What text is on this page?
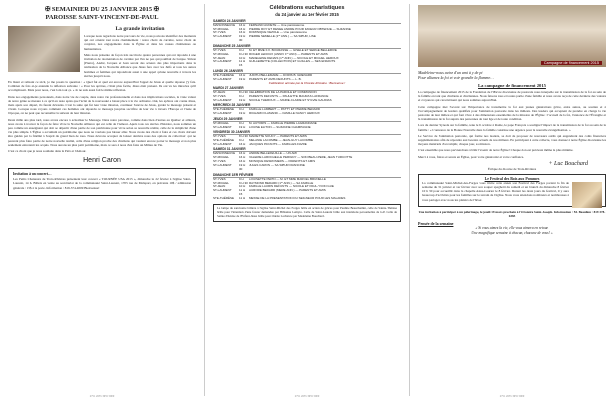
✠ SEMAINIER DU 25 JANVIER 2015 ✠
PAROISSE SAINT-VINCENT-DE-PAUL
La grande invitation

Lorsque nous regardons notre parcours de vie, nous pouvons identifier des moments qui ont orienté tout notre cheminement : notre choix de carrière, notre choix de conjoint, nos engagements dans la Église et dans les causes chrétiennes ou humanitaires.

Mais nous présente de façon très succincte quatre personnes qui ont répondu à une invitation de réorientation de carrière par l'un ne pas qui pouillait de barque. Simon (Pierre), André, Jacques et Jean seront des acteurs des plus importants dans la réalisation de la Nouvelle Alliance que Jésus fera avec les Juifs et tous les autres hommes et femmes qui répondront aussi à une appel qu'une nouvelle à travers les siècles jusqu'à nous.

En lisant et relisant ce récit, je me posais la question : « Quel fut et quel est encore aujourd'hui l'appel de Jésus et quelle réponse j'y fais. Combien de fois ai-je entendu la réflexion suivante : « Pour les apôtres, c'était plus facile, Jésus était présent. Ils ont vu les miracles qu'il accomplissait. Mais pour nous, c'est loin tout ça. » Je ne suis aussi fait le même réflexion.

Dans nos engagements personnels, dans notre vie de couple, dans notre vie professionnelle et dans nos implications sociales, la vraie valeur de notre génie se mesure à ce qu'il en reste après que l'éclat de la nouveauté a laissé place à la vie ordinaire. Oui, les apôtres ont connu Jésus, mais après son départ, ils furent dévastés. C'est la suite qui fut leur vraie mission, continuer l'œuvre de Jésus, garder le message présent et vivant. Lorsque nous voyons comment ces hommes ont répondu ce message jusqu'au sacrifice de leur vie à travers l'Europe et l'Asie de l'époque, on ne peut que reconnaître la sérieux de leur mission.

Deux mille ans plus tard, nous avons encore à actualiser le Message. Dans notre paroisse, comme dans bien d'autres au Québec et ailleurs, nous avons à trouver la façon de faire vivre la Nouvelle Alliance qui est celle de l'Amour. Après tous ces siècles d'histoire, nous sommes un peu comme un enseignant qui doit se départir d'une partie de son patrimoine pour vivre selon sa nouvelle réalité, celle de la simplicité d'une vie plus simple. L'Église a accumulé un patrimoine que nous ne voulons pas laisser aller. Nous avons des choix à faire et ces choix doivent être guidés par la fidélité à l'esprit du grand bien de tous. Nous devrons accepter de laisser derrière nous des options de collection· qui ne peuvent plus faire partie de notre nouvelle réalité, celle d'une religion proche des chrétiens qui veulent encore porter le message et non plus seulement entretenir les acquis. Nous aurons un plus petit patrimoine, mais ce sera à nous d'en faire un Milieu de Vie.

C'est ce choix que je nous souhaite dans la Paix et l'Amour.

Henri Caron
Invitation à un concert…
Les Petits Chanteurs de Trois-Rivières présentent leur concert « TOURNÉE USA 2015 », dimanche le 22 février à l'église Saint-Laurent, 14 h. Billets en vente au secrétariat de la communauté Saint-Laurent, 1705 rue de Malapart, en prévente 10$ / admission générale : 15$ à la porte. Information : 819-374-4009 Bienvenue!
2751 2655 3655 5000
Célébrations eucharistiques
du 24 janvier au 1er février 2015
SAMEDI 24 JANVIER
MAISONNEUVE	16 H	FERNAND AUDÈTE — Une paroissienne
ST-MICHEL	16 H	PIERRE ROY ET RENÉE ANDRÉ POUR FAVEUR OBTENUE — SUZANNE
ST-YVES	16 H	DOMINIQUE VEZOLE — Une paroissienne
ST-LAURENT	19 H 30
PIERRE SEMELLE (1ʳᵉ ANN.) — SA SŒUR, LISE
DIMANCHE 25 JANVIER
ST-YVES	9 H	M. ET MME F.X. BOURASSE — GISÈLE ET SERGE BELLERIVE
ST-MICHEL	9 H 30 ROGER LEDOUX (ANNIV 1ʳᵉ ANN) — PARENTS ET AMIS
ST-JEAN	10 H	MADELEINE DENAIS (1ʳᵉ ANN.) — NICOLE ET MICHEL HÉROUX
ST-LAURENT	11 H 15
GUILLEMETTE (COLLECTION) ET GUILLES — SES ENFANTS
LUNDI 26 JANVIER
STE-THÉRÈSE	16 H	JUDITH BELLEMARE — DORIS B. GRENARD
ST-LAURENT	19 H	PARENTS ET AMIS DÉFUNTS — L. B.
Célébration animée par la Chorale Africaine : Bienvenue !
MARDI 27 JANVIER
ST-JEAN	8 H 30 CÉLÉBRATION DE LA PAROLE ET COMMUNION
ST-YVES	9 H	PARENTS DÉFUNTS — PAULETTE MAURAS LAFRANCE
ST-LAURENT	19 H	NICOLE THÉROUX — MARIE-CLAIRE ET SYLVIE GAUDIAS
MERCREDI 28 JANVIER
STE-THÉRÈSE	9 H	FAMILLE LAMBERT — PATTY ET PIERRE BÉDARD
ST-LAURENT	19 H	RICHARD FLAMAND — FAMILLE NANCY HÉROUX
JEUDI 29 JANVIER
ST-MICHEL	9 H	M. AUTORIS — FAMILLE PIERRE LAGRANDANE
ST-LAURENT	19 H	LOUISE ELITON — SUZANNE CHAMPAGNE
VENDREDI 30 JANVIER
ST-YVES	8 H 30 MARIETTE SOUCY — PARENTS ET AMIS
STE-THÉRÈSE	9 H	MÉLANIE LACOMBE — JEAN-GUY LACOMBE
ST-LAURENT	16 H	JACQUES PAYANTS — FAMILLES FAVRE
SAMEDI 31 JANVIER
MAISONNEUVE	16 H	ANDRÉ BELLEFEUILLE — UN AMI
ST-MICHEL	16 H	VALÉRIE LAROCHELLE PÉRIGNY — SON BEAU-PÈRE, JEAN TURCOTTE
ST-YVES	16 H	MONIQUE DESROSIERS — PARENTS ET AMIS
ST-LAURENT	19 H 30
JULES CARON — SA SŒUR FRANCINE
DIMANCHE 1ER FÉVRIER
ST-YVES	9 H	LOUISETTE PÉPIN — M. ET MME MARCEL BRUNELLE
ST-MICHEL	9 H 30 RAYMOND BEDARD (1ʳᵉ ANN.) — SA FAMILLE
ST-JEAN	10 H	FAMILLE LAURIN DÉFUNTS — NICOLE ET PAUL-YVON GUÉ
ST-LAURENT	11 H 15
AURORE BÉDARD (MÈRE ANN.) — PARENTS ET AMIS
STE-THÉRÈSE	11 H	MESSE DE LA PRÉSENTATION DU SEIGNEUR POUR LES MALADES
La lampe du sanctuaire brûlera à l'église Saint-Michel des Forges brûle en action de grâces pour Pauline Beauchemin, celle de Sainte-Thérèse brûle pour l'intention d'une faveur demandée par Bibianne Lemyre. Celle de Saint-Laurent brûle aux intentions personnelles de G.P. Celle de Sainte-Thérèse de l'Enfant-Jésus brûle pour Odette Lachance par Madeleine Bouchard.
2751 2655 3655 5000
Campagne de financement 2015
Madeleine-nous aviez d'un ami à y de pi
Pour allumez la foi et voir grandir la flamme…
La campagne de financement 2015

La campagne de financement 2015 de la Fondation de l'Œuvre diocésaine de pastorale nous interpelle sur la transmission de la foi au sein de la famille en tant que chrétiens et chrétiennes. Nous faisons tous et toutes partie d'une famille et nous avons reçu de cette dernière des valeurs et croyances qui caractérisent qui nous sommes aujourd'hui.

Cette campagne met l'accent sur l'importance de transmettre la foi aux jeunes générations grâce, entre autres, au soutien et à l'accompagnement de leaders qualifiés pour l'animation pastorale dans les milieux. Des leaders qui acceptent de prendre en charge la vie pastorale de leur milieu et qui font vivre à des dimensions essentielles de la mission de l'Église : l'accueil de la foi, l'annonce de l'Évangile et la transmission de la foi auprès des personnes de tout âge et de toute condition.

Lors du dernier Synode sur la famille, tenu le 6 octobre à Rome, le pape François a souligné l'impact de la transmission de la foi au sein de la famille : « L'annonce de la Bonne Nouvelle dans la famille constitue une urgence pour la nouvelle évangélisation. »

Le Service de l'animation pastorale, qui forme nos leaders, se doit de proposer de nouveaux outils qui engendrent des coûts financiers supplémentaires afin de répondre aux besoins actuels de nos milieux. En participant à cette collecte, vous donnez à notre Église diocésaine les moyens matériels d'accomplir, chaque jour, sa mission.

C'est ensemble que nous parviendrons à bâtir l'avenir de notre Église! Chaque don est précieux même le plus minime.

Merci à vous, frères et sœurs en Église, pour votre générosité et votre confiance.

+ Luc Bouchard
Évêque du diocèse de Trois-Rivières
Le Festival des Bois aux Pommes
La communauté Saint-Michel-des-Forges vous invite cette année son Festival des Forges portant la fin de semaine du 31 janvier et 1er février avec son souper spaghetti du samedi et un brunch du dimanche 8 février 10 h 30 pour accueillir dans la chapelle Anna-Laurier le 8 février. Durant les deux jours du festival, il y aura beaucoup d'activités pour les familles sur le terrain de l'église. Nous vous attendons nombreux et nombreuses à vous partager avec nous les plaisirs de l'hiver.
Une invitation à participer à un pèlerinage, le jeudi 19 mars prochain à l'Oratoire Saint-Joseph. Information : M. Beaulieu : 819 378-6383
Pensée de la semaine
« Si vous aimez la vie, elle vous aimera en retour.
Une magnifique semaine à chacun, chacune de vous! »
2751 2655 3655 5000
